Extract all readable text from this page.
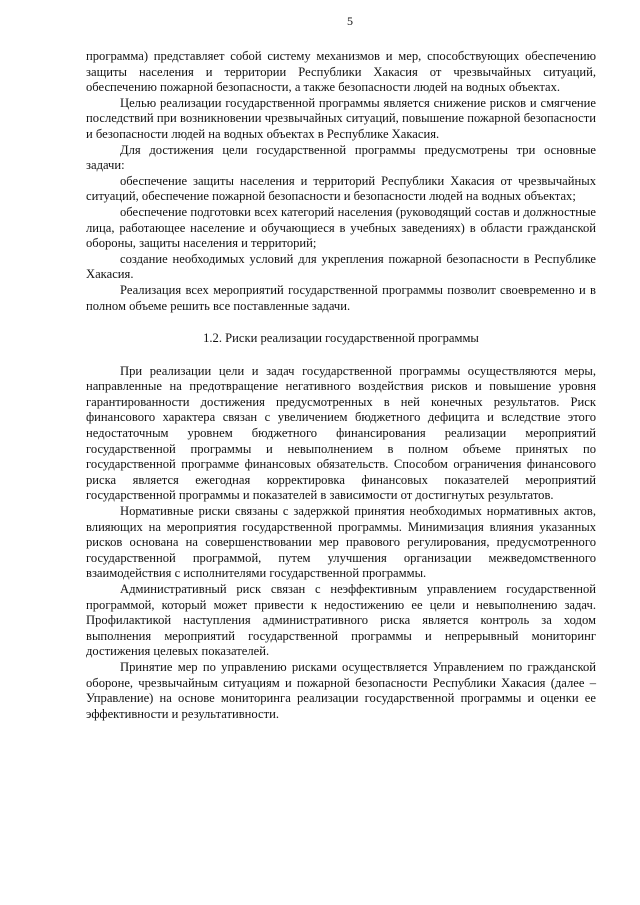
5

программа) представляет собой систему механизмов и мер, способствующих обеспечению защиты населения и территории Республики Хакасия от чрезвычайных ситуаций, обеспечению пожарной безопасности, а также безопасности людей на водных объектах.

Целью реализации государственной программы является снижение рисков и смягчение последствий при возникновении чрезвычайных ситуаций, повышение пожарной безопасности и безопасности людей на водных объектах в Республике Хакасия.

Для достижения цели государственной программы предусмотрены три основные задачи:

обеспечение защиты населения и территорий Республики Хакасия от чрезвычайных ситуаций, обеспечение пожарной безопасности и безопасности людей на водных объектах;

обеспечение подготовки всех категорий населения (руководящий состав и должностные лица, работающее население и обучающиеся в учебных заведениях) в области гражданской обороны, защиты населения и территорий;

создание необходимых условий для укрепления пожарной безопасности в Республике Хакасия.

Реализация всех мероприятий государственной программы позволит своевременно и в полном объеме решить все поставленные задачи.

1.2. Риски реализации государственной программы

При реализации цели и задач государственной программы осуществляются меры, направленные на предотвращение негативного воздействия рисков и повышение уровня гарантированности достижения предусмотренных в ней конечных результатов. Риск финансового характера связан с увеличением бюджетного дефицита и вследствие этого недостаточным уровнем бюджетного финансирования реализации мероприятий государственной программы и невыполнением в полном объеме принятых по государственной программе финансовых обязательств. Способом ограничения финансового риска является ежегодная корректировка финансовых показателей мероприятий государственной программы и показателей в зависимости от достигнутых результатов.

Нормативные риски связаны с задержкой принятия необходимых нормативных актов, влияющих на мероприятия государственной программы. Минимизация влияния указанных рисков основана на совершенствовании мер правового регулирования, предусмотренного государственной программой, путем улучшения организации межведомственного взаимодействия с исполнителями государственной программы.

Административный риск связан с неэффективным управлением государственной программой, который может привести к недостижению ее цели и невыполнению задач. Профилактикой наступления административного риска является контроль за ходом выполнения мероприятий государственной программы и непрерывный мониторинг достижения целевых показателей.

Принятие мер по управлению рисками осуществляется Управлением по гражданской обороне, чрезвычайным ситуациям и пожарной безопасности Республики Хакасия (далее – Управление) на основе мониторинга реализации государственной программы и оценки ее эффективности и результативности.
